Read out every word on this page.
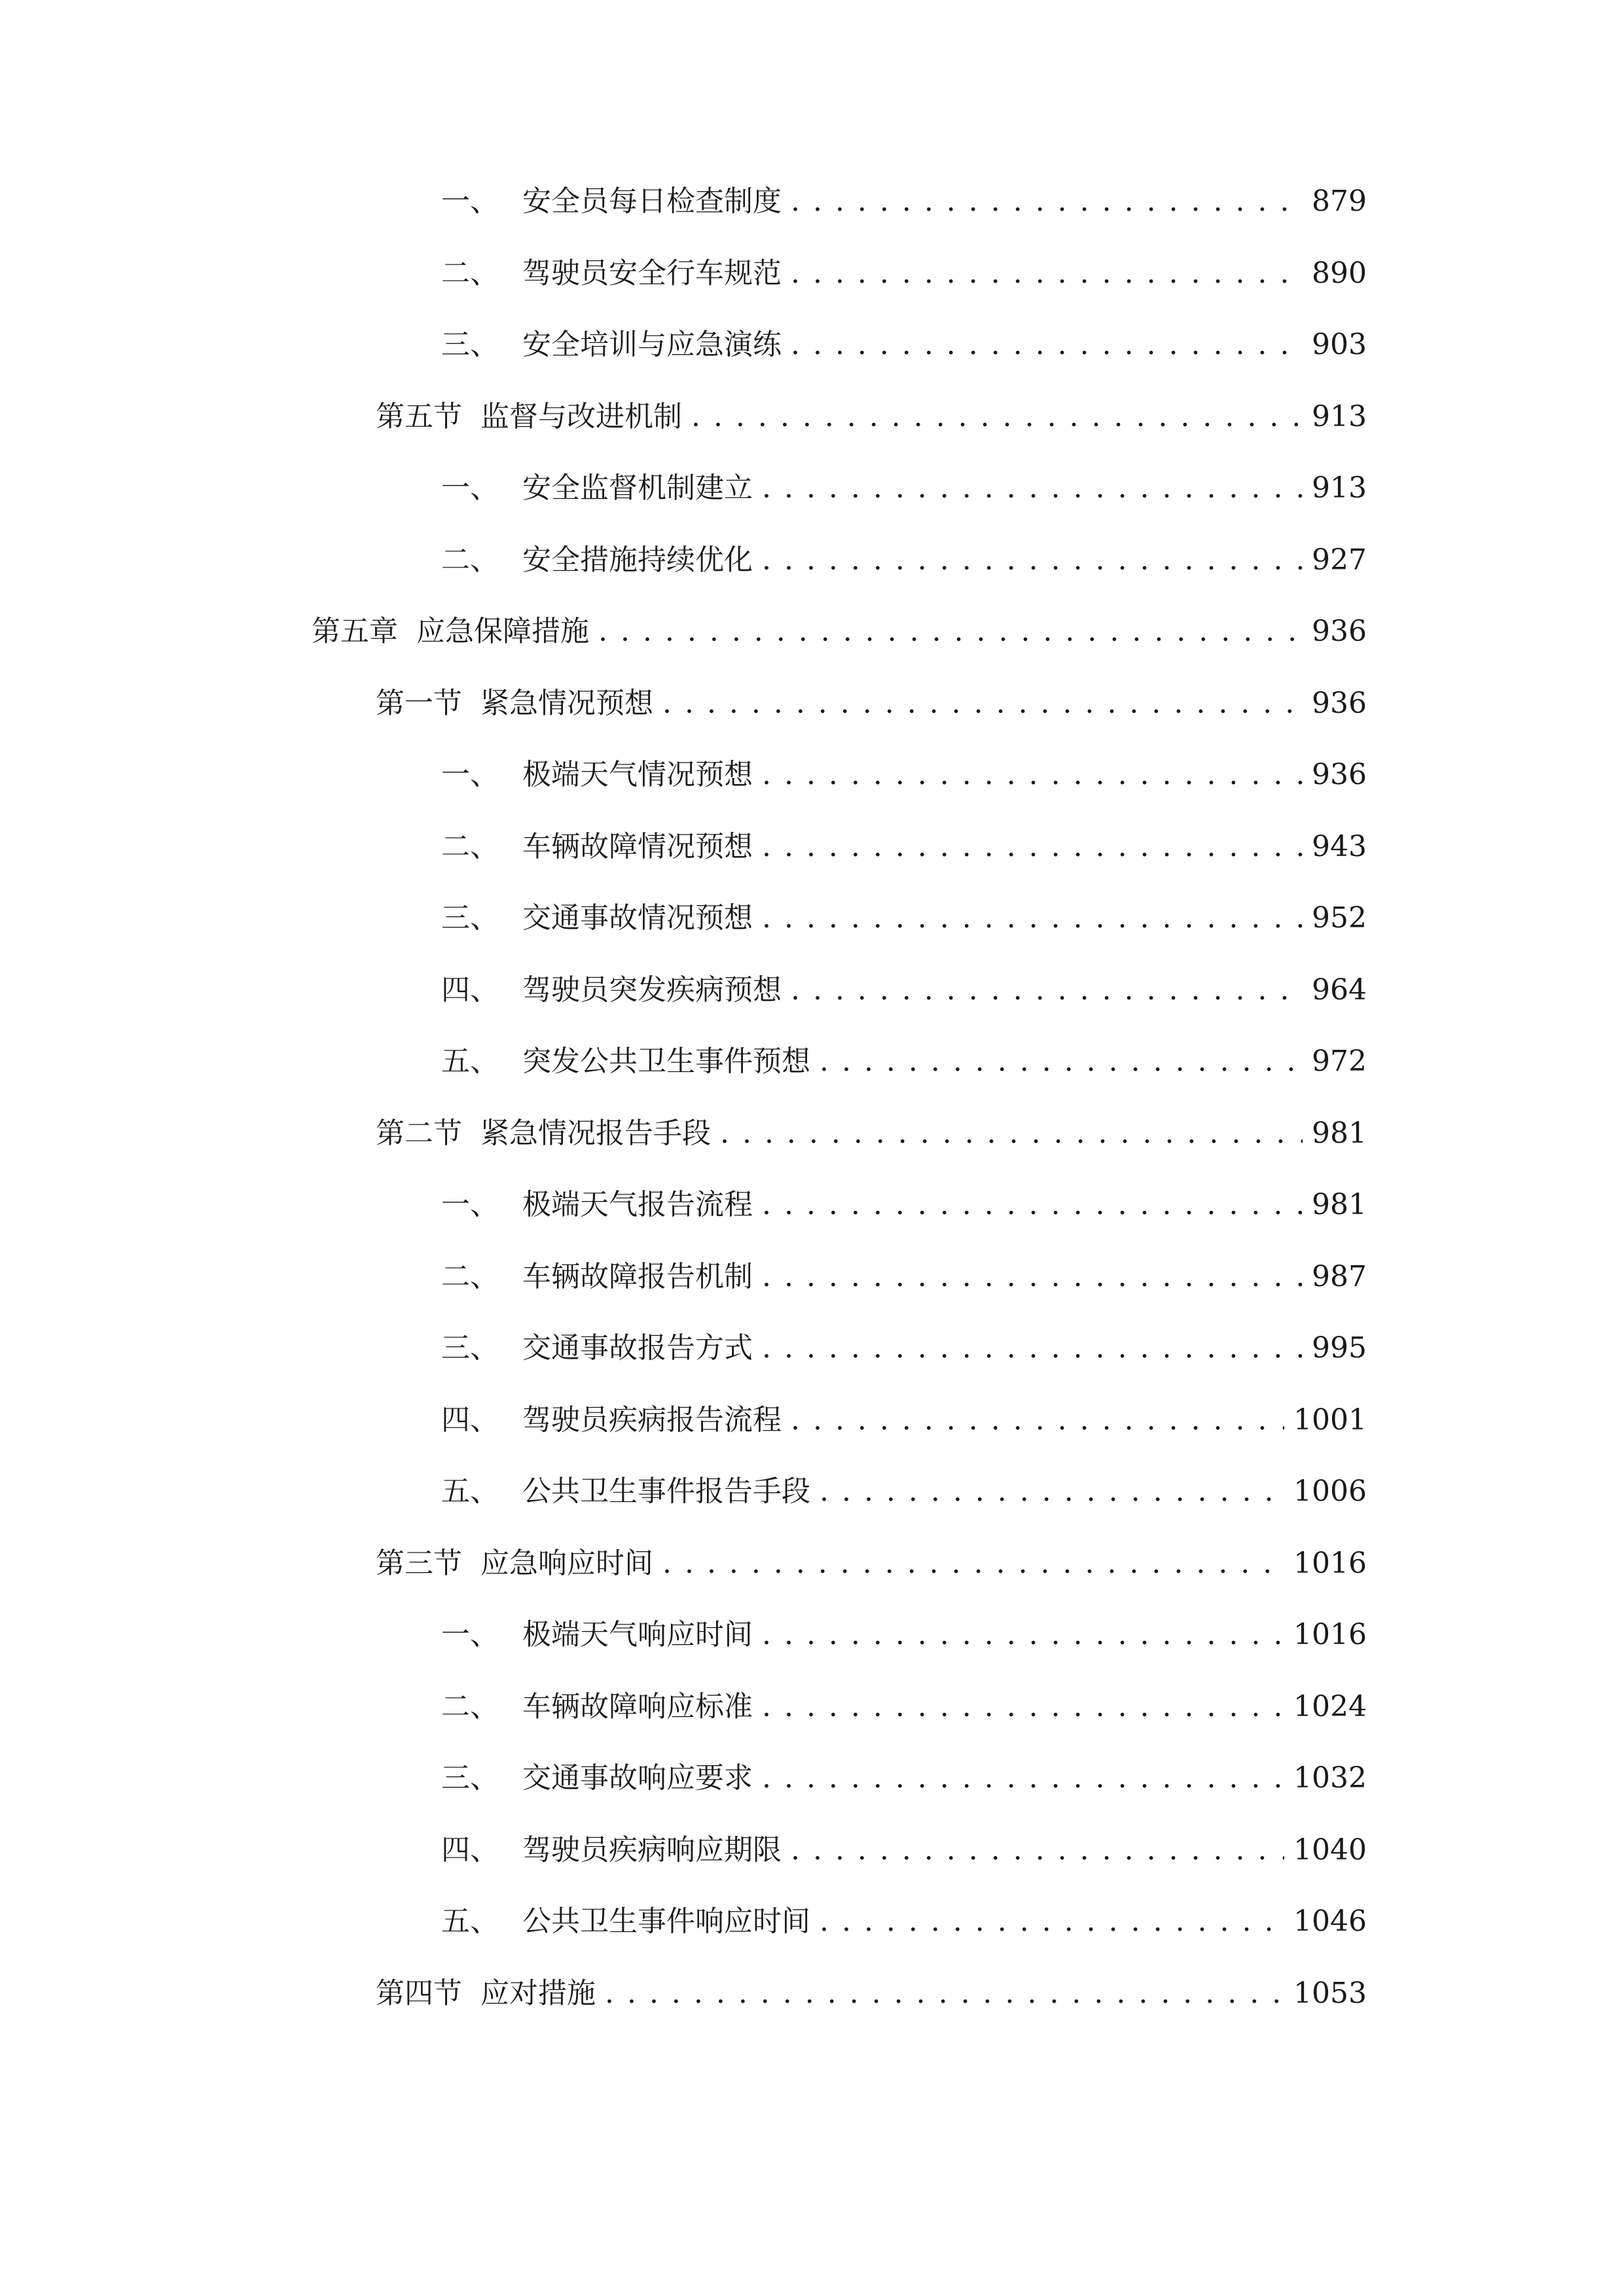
一、 安全员每日检查制度 . . .	879
二、 驾驶员安全行车规范 . . .	890
三、 安全培训与应急演练 . . .	903
第五节 监督与改进机制 . . .	913
一、 安全监督机制建立 . . .	913
二、 安全措施持续优化 . . .	927
第五章 应急保障措施 . . .	936
第一节 紧急情况预想 . . .	936
一、 极端天气情况预想 . . .	936
二、 车辆故障情况预想 . . .	943
三、 交通事故情况预想 . . .	952
四、 驾驶员突发疾病预想 . . .	964
五、 突发公共卫生事件预想 . . .	972
第二节 紧急情况报告手段 . . .	981
一、 极端天气报告流程 . . .	981
二、 车辆故障报告机制 . . .	987
三、 交通事故报告方式 . . .	995
四、 驾驶员疾病报告流程 . . .	1001
五、 公共卫生事件报告手段 . . .	1006
第三节 应急响应时间 . . .	1016
一、 极端天气响应时间 . . .	1016
二、 车辆故障响应标准 . . .	1024
三、 交通事故响应要求 . . .	1032
四、 驾驶员疾病响应期限 . . .	1040
五、 公共卫生事件响应时间 . . .	1046
第四节 应对措施 . . .	1053
